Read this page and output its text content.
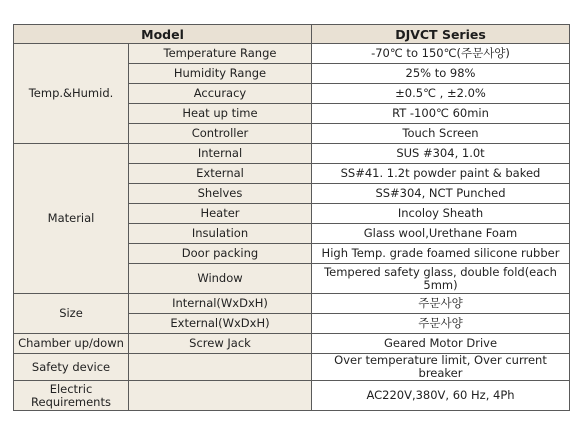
Model		DJVCT Series
Temp.&Humid.	Temperature Range	-70℃ to 150℃(주문사양)
	Humidity Range	25% to 98%
	Accuracy	±0.5℃ , ±2.0%
	Heat up time	RT -100℃ 60min
	Controller	Touch Screen
Material	Internal	SUS #304, 1.0t
	External	SS#41. 1.2t powder paint & baked
	Shelves	SS#304, NCT Punched
	Heater	Incoloy Sheath
	Insulation	Glass wool,Urethane Foam
	Door packing	High Temp. grade foamed silicone rubber
	Window	Tempered safety glass, double fold(each 5mm)
Size	Internal(WxDxH)	주문사양
	External(WxDxH)	주문사양
Chamber up/down	Screw Jack	Geared Motor Drive
Safety device		Over temperature limit, Over current breaker
Electric Requirements		AC220V,380V, 60 Hz, 4Ph
